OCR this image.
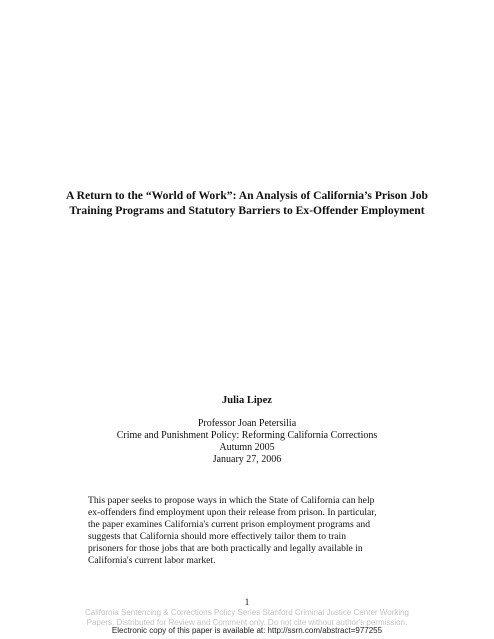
A Return to the “World of Work”: An Analysis of California’s Prison Job
Training Programs and Statutory Barriers to Ex-Offender Employment
Julia Lipez
Professor Joan Petersilia
Crime and Punishment Policy: Reforming California Corrections
Autumn 2005
January 27, 2006
This paper seeks to propose ways in which the State of California can help
ex-offenders find employment upon their release from prison. In particular,
the paper examines California's current prison employment programs and
suggests that California should more effectively tailor them to train
prisoners for those jobs that are both practically and legally available in
California's current labor market.
1
California Sentencing & Corrections Policy Series Stanford Criminal Justice Center Working
Papers. Distributed for Review and Comment only. Do not cite without author's permission.
Electronic copy of this paper is available at: http://ssrn.com/abstract=977255
